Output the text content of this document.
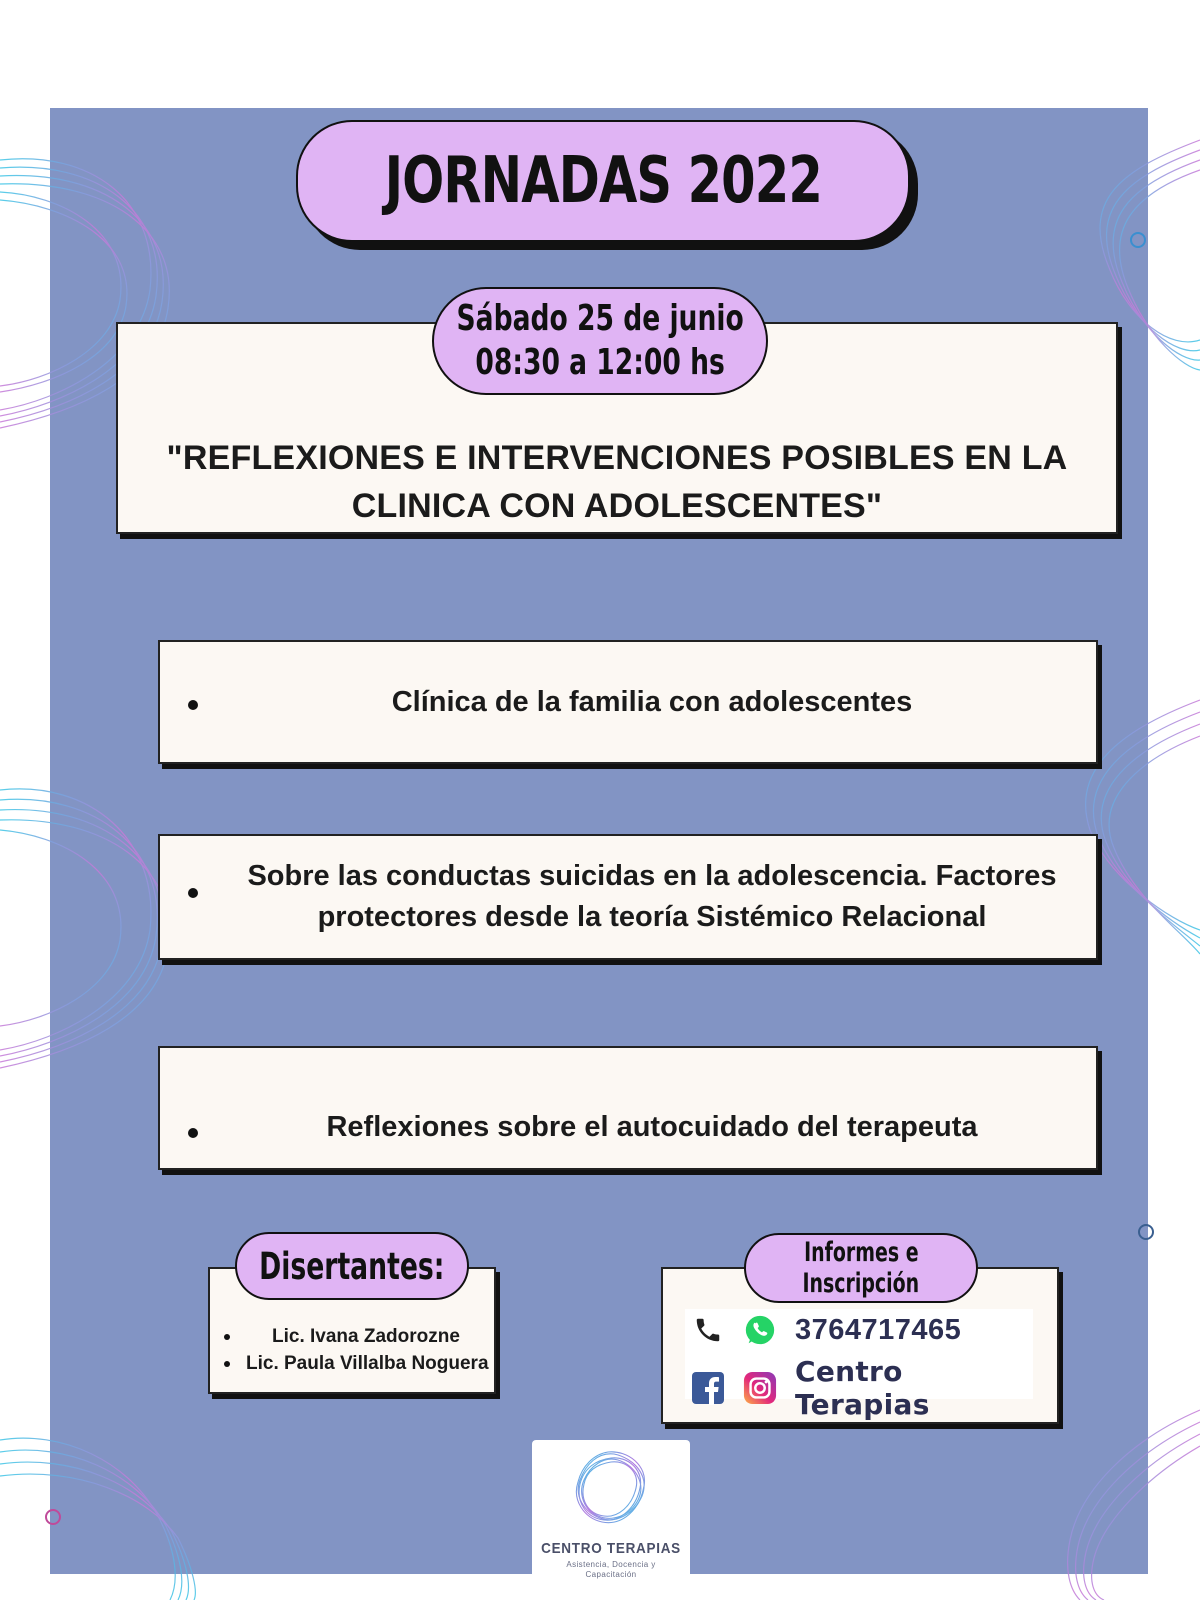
JORNADAS 2022
"REFLEXIONES E INTERVENCIONES POSIBLES EN LA CLINICA CON ADOLESCENTES"
Sábado 25 de junio
08:30 a 12:00 hs
Clínica de la familia con adolescentes
Sobre las conductas suicidas en la adolescencia. Factores protectores desde la teoría Sistémico Relacional
Reflexiones sobre el autocuidado del terapeuta
Lic. Ivana Zadorozne
Lic. Paula Villalba Noguera
Disertantes:
3764717465
Centro Terapias
Informes e
Inscripción
CENTRO TERAPIAS
Asistencia, Docencia y Capacitación
